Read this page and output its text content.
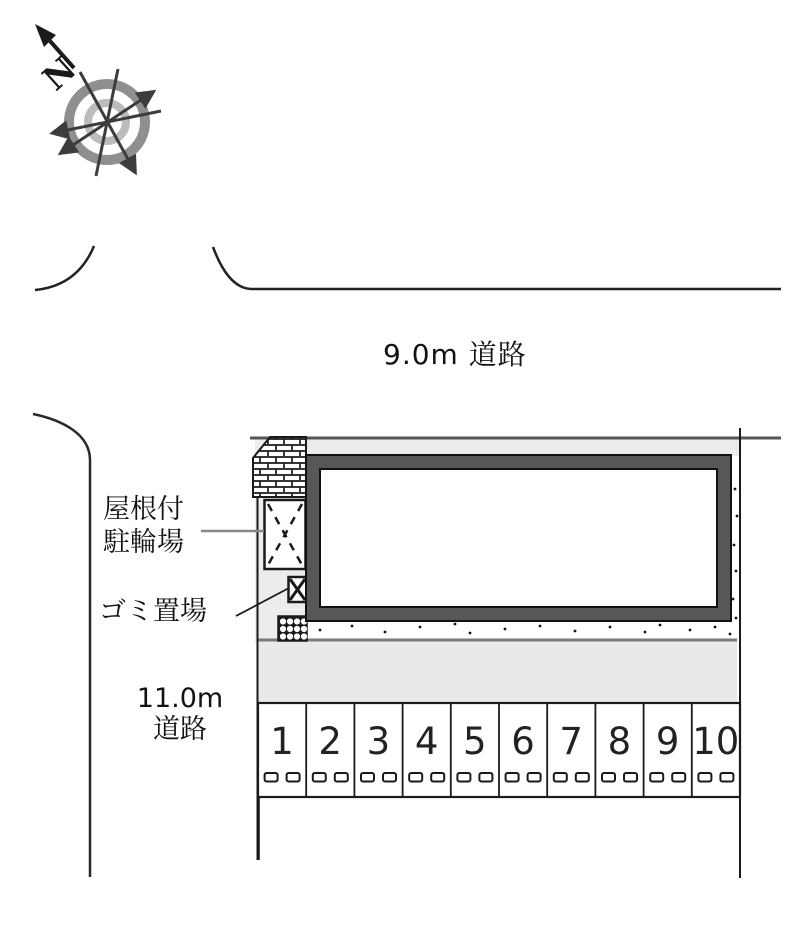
N
9.0m 道路
屋根付
駐輪場
ゴミ置場
11.0m
道路	1 2 3 4 5 6 7 8 9 10
